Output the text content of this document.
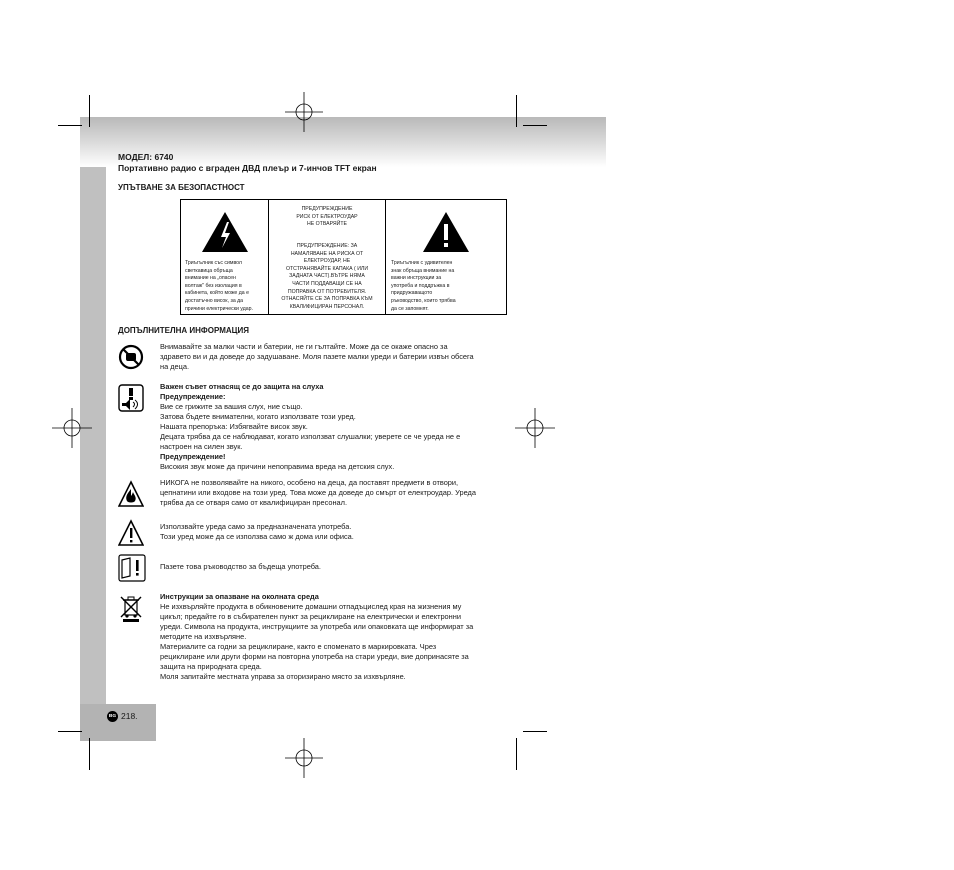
МОДЕЛ: 6740
Портативно радио с вграден ДВД плеър и 7-инчов TFT екран
УПЪТВАНЕ ЗА БЕЗОПАСТНОСТ
Триъгълник със символ
светкавица обръща
внимание на „опасен
волтаж" без изолация в
кабинета, който може да е
достатъчно висок, за да
причини електрически удар.
ПРЕДУПРЕЖДЕНИЕ
РИСК ОТ ЕЛЕКТРОУДАР
НЕ ОТВАРЯЙТЕ
ПРЕДУПРЕЖДЕНИЕ: ЗА
НАМАЛЯВАНЕ НА РИСКА ОТ
ЕЛЕКТРОУДАР, НЕ
ОТСТРАНЯВАЙТЕ КАПАКА ( ИЛИ
ЗАДНАТА ЧАСТ).ВЪТРЕ НЯМА
ЧАСТИ ПОДДАВАЩИ СЕ НА
ПОПРАВКА ОТ ПОТРЕБИТЕЛЯ.
ОТНАСЯЙТЕ СЕ ЗА ПОПРАВКА КЪМ
КВАЛИФИЦИРАН ПЕРСОНАЛ.
Триъгълник с удивителен
знак обръща внимание на
важни инструкции за
употреба и поддръжка в
придружаващото
ръководство, които трябва
да се запомнят.
ДОПЪЛНИТЕЛНА ИНФОРМАЦИЯ
Внимавайте за малки части и батерии, не ги гълтайте. Може да се окаже опасно за
здравето ви и да доведе до задушаване. Моля пазете малки уреди и батерии извън обсега
на деца.
Важен съвет отнасящ се до защита на слуха
Предупреждение:
Вие се грижите за вашия слух, ние също.
Затова бъдете внимателни, когато използвате този уред.
Нашата препоръка: Избягвайте висок звук.
Децата трябва да се наблюдават, когато използват слушалки; уверете се че уреда не е
настроен на силен звук.
Предупреждение!
Високия звук може да причини непоправима вреда на детския слух.
НИКОГА не позволявайте на никого, особено на деца, да поставят предмети в отвори,
цепнатини или входове на този уред. Това може да доведе до смърт от електроудар. Уреда
трябва да се отваря само от квалифициран пресонал.
Използвайте уреда само за предназначената употреба.
Този уред може да се използва само ж дома или офиса.
Пазете това ръководство за бъдеща употреба.
Инструкции за опазване на околната среда
Не изхвърляйте продукта в обикновените домашни отпадъцислед края на жизнения му
цикъл; предайте го в събирателен пункт за рециклиране на електрически и електронни
уреди. Символа на продукта, инструкциите за употреба или опаковката ще информират за
методите на изхвърляне.
Материалите са годни за рециклиране, както е споменато в маркировката. Чрез
рециклиране или други форми на повторна употреба на стари уреди, вие допринасяте за
защита на природната среда.
Моля запитайте местната управа за оторизирано място за изхвърляне.
BG 218.
